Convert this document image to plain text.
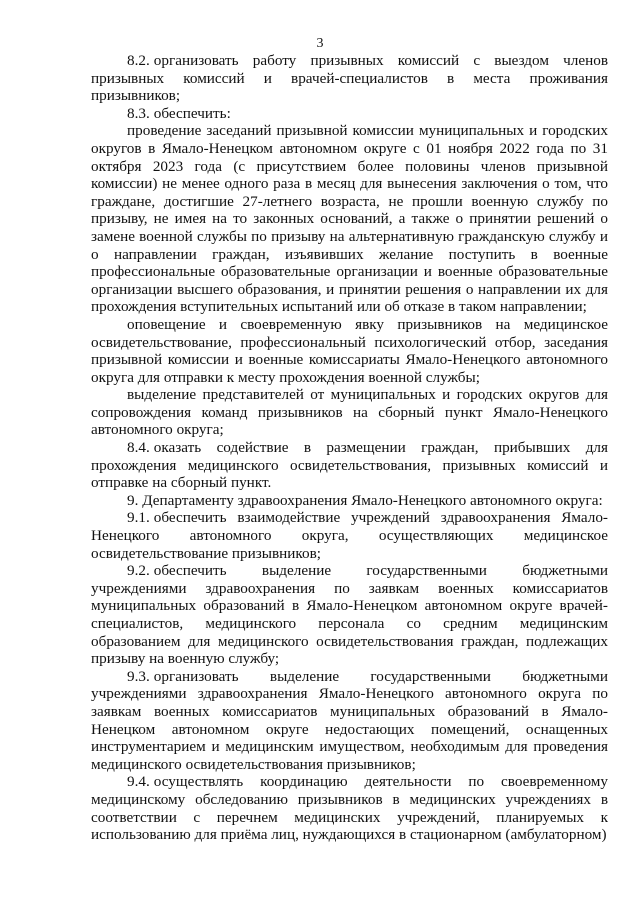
3

8.2. организовать работу призывных комиссий с выездом членов призывных комиссий и врачей-специалистов в места проживания призывников;

8.3. обеспечить:

проведение заседаний призывной комиссии муниципальных и городских округов в Ямало-Ненецком автономном округе с 01 ноября 2022 года по 31 октября 2023 года (с присутствием более половины членов призывной комиссии) не менее одного раза в месяц для вынесения заключения о том, что граждане, достигшие 27-летнего возраста, не прошли военную службу по призыву, не имея на то законных оснований, а также о принятии решений о замене военной службы по призыву на альтернативную гражданскую службу и о направлении граждан, изъявивших желание поступить в военные профессиональные образовательные организации и военные образовательные организации высшего образования, и принятии решения о направлении их для прохождения вступительных испытаний или об отказе в таком направлении;

оповещение и своевременную явку призывников на медицинское освидетельствование, профессиональный психологический отбор, заседания призывной комиссии и военные комиссариаты Ямало-Ненецкого автономного округа для отправки к месту прохождения военной службы;

выделение представителей от муниципальных и городских округов для сопровождения команд призывников на сборный пункт Ямало-Ненецкого автономного округа;

8.4. оказать содействие в размещении граждан, прибывших для прохождения медицинского освидетельствования, призывных комиссий и отправке на сборный пункт.

9. Департаменту здравоохранения Ямало-Ненецкого автономного округа:

9.1. обеспечить взаимодействие учреждений здравоохранения Ямало-Ненецкого автономного округа, осуществляющих медицинское освидетельствование призывников;

9.2. обеспечить выделение государственными бюджетными учреждениями здравоохранения по заявкам военных комиссариатов муниципальных образований в Ямало-Ненецком автономном округе врачей-специалистов, медицинского персонала со средним медицинским образованием для медицинского освидетельствования граждан, подлежащих призыву на военную службу;

9.3. организовать выделение государственными бюджетными учреждениями здравоохранения Ямало-Ненецкого автономного округа по заявкам военных комиссариатов муниципальных образований в Ямало-Ненецком автономном округе недостающих помещений, оснащенных инструментарием и медицинским имуществом, необходимым для проведения медицинского освидетельствования призывников;

9.4. осуществлять координацию деятельности по своевременному медицинскому обследованию призывников в медицинских учреждениях в соответствии с перечнем медицинских учреждений, планируемых к использованию для приёма лиц, нуждающихся в стационарном (амбулаторном)
